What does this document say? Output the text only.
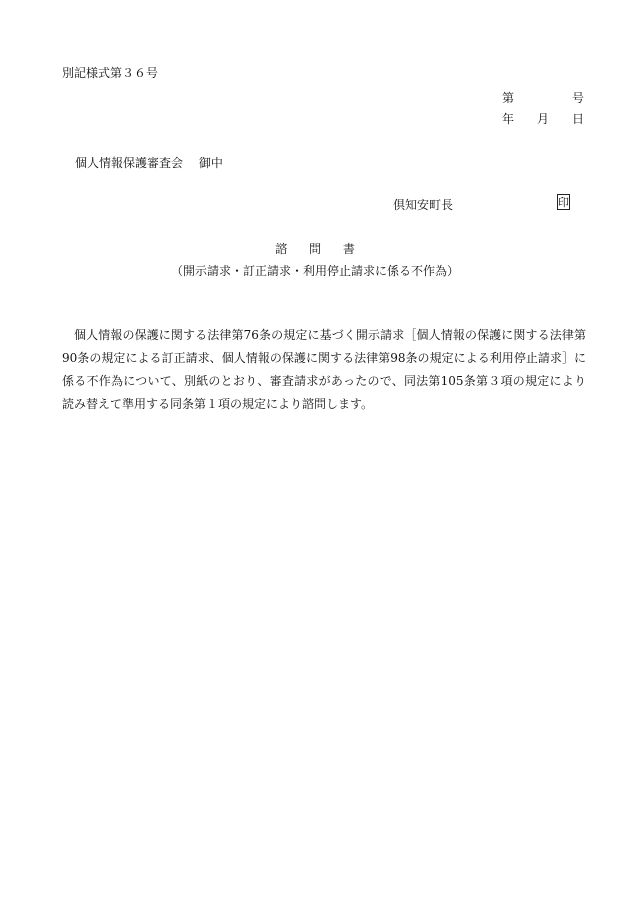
別記様式第３６号
第	号
年 月 日
個人情報保護審査会 御中
倶知安町長	印
諮 問 書
（開示請求・訂正請求・利用停止請求に係る不作為）
個人情報の保護に関する法律第76条の規定に基づく開示請求［個人情報の保護に関する法律第90条の規定による訂正請求、個人情報の保護に関する法律第98条の規定による利用停止請求］に係る不作為について、別紙のとおり、審査請求があったので、同法第105条第３項の規定により読み替えて準用する同条第１項の規定により諮問します。
